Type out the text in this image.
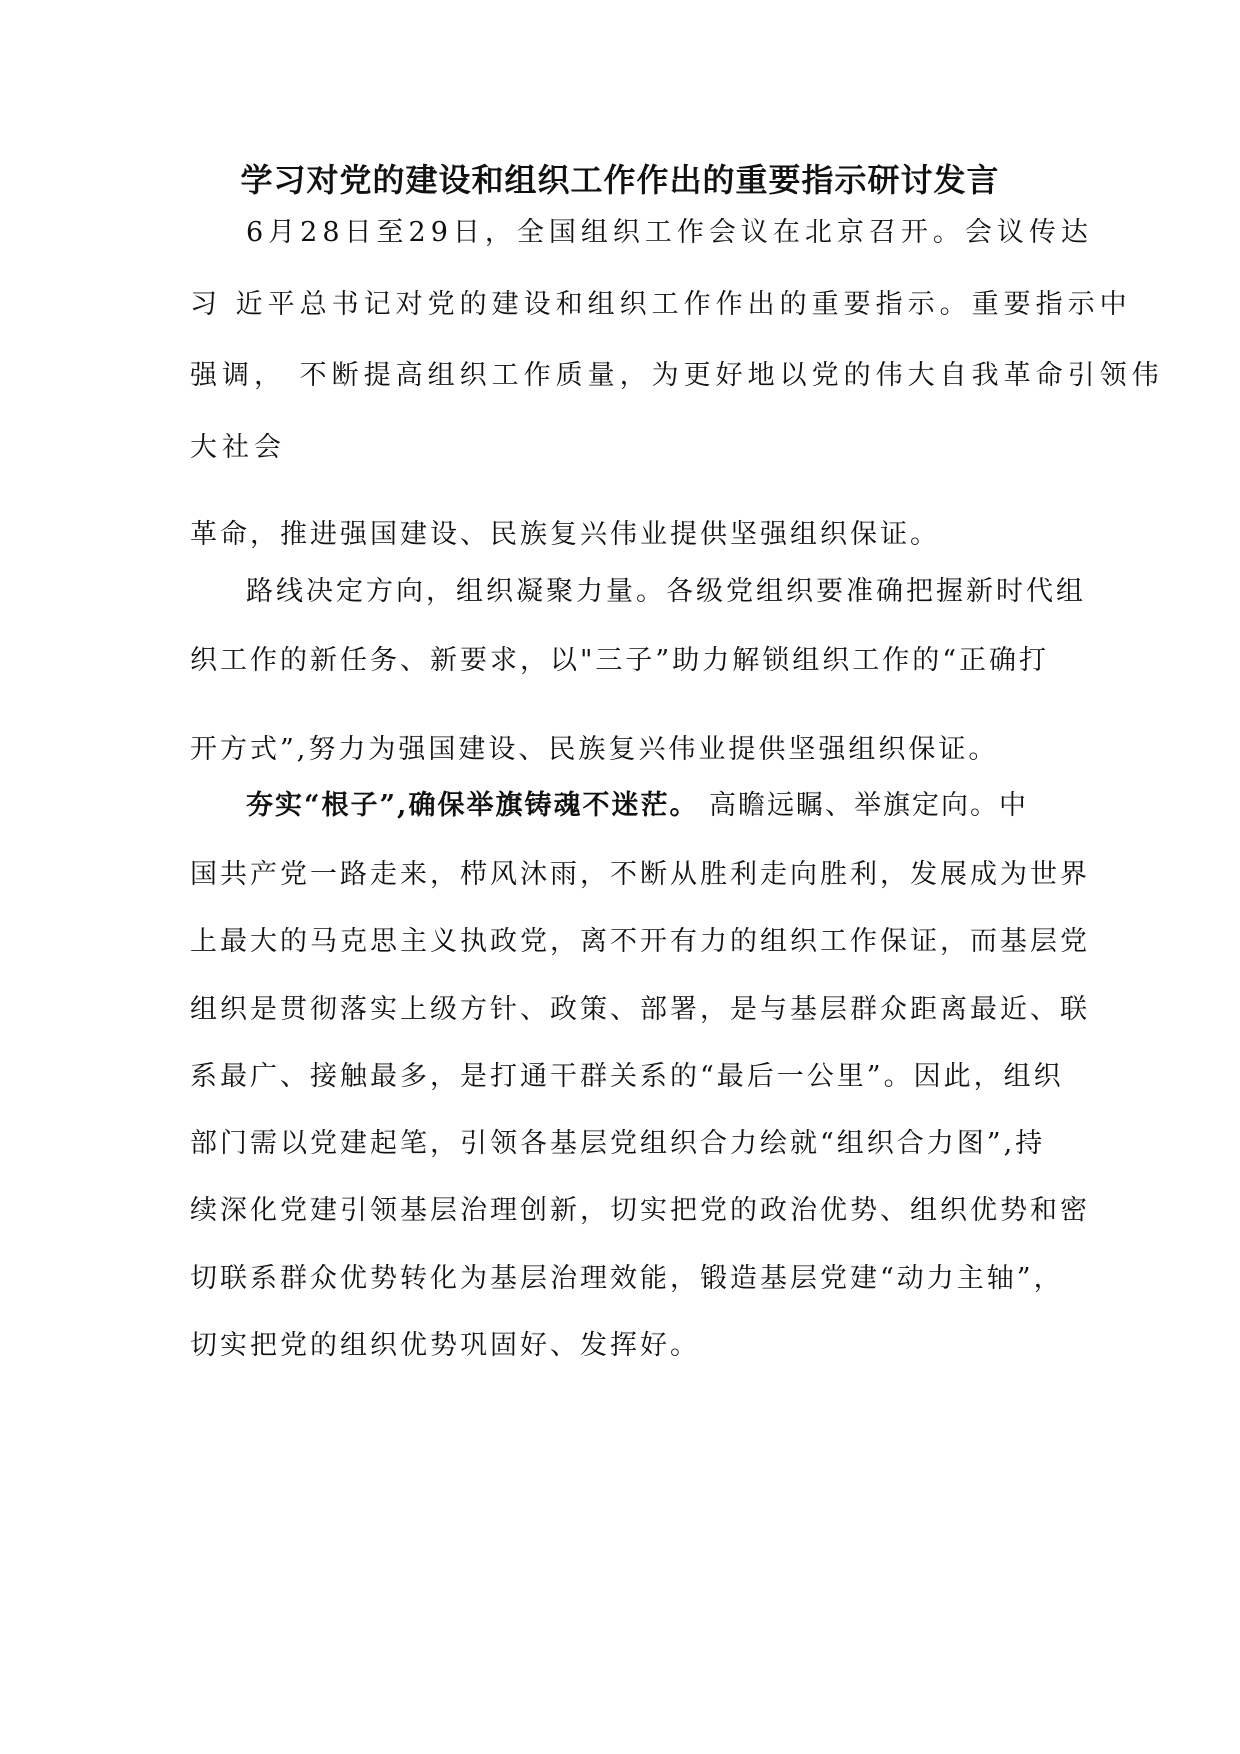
学习对党的建设和组织工作作出的重要指示研讨发言
6月28日至29日，全国组织工作会议在北京召开。会议传达
习 近平总书记对党的建设和组织工作作出的重要指示。重要指示中
强调， 不断提高组织工作质量，为更好地以党的伟大自我革命引领伟
大社会
革命，推进强国建设、民族复兴伟业提供坚强组织保证。
路线决定方向，组织凝聚力量。各级党组织要准确把握新时代组
织工作的新任务、新要求，以"三子”助力解锁组织工作的“正确打
开方式”,努力为强国建设、民族复兴伟业提供坚强组织保证。
夯实“根子”,确保举旗铸魂不迷茫。 高瞻远瞩、举旗定向。中
国共产党一路走来，栉风沐雨，不断从胜利走向胜利，发展成为世界
上最大的马克思主义执政党，离不开有力的组织工作保证，而基层党
组织是贯彻落实上级方针、政策、部署，是与基层群众距离最近、联
系最广、接触最多，是打通干群关系的“最后一公里”。因此，组织
部门需以党建起笔，引领各基层党组织合力绘就“组织合力图”,持
续深化党建引领基层治理创新，切实把党的政治优势、组织优势和密
切联系群众优势转化为基层治理效能，锻造基层党建“动力主轴”，
切实把党的组织优势巩固好、发挥好。
